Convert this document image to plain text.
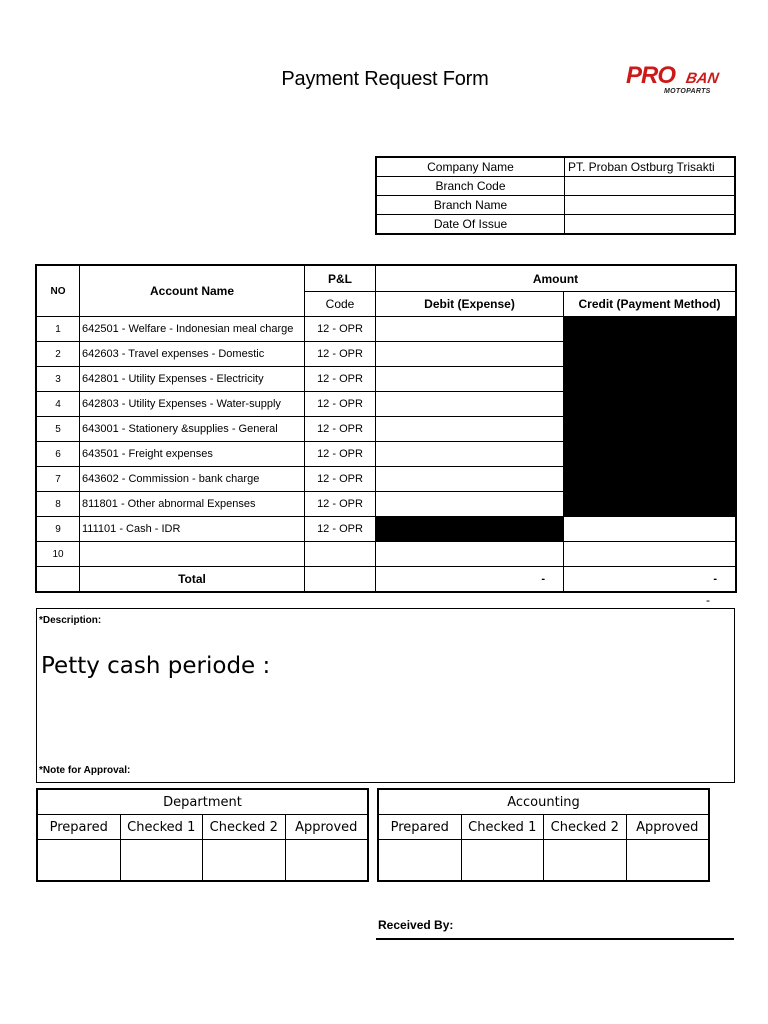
Payment Request Form	PRO BAN
MOTOPARTS
Company Name	PT. Proban Ostburg Trisakti
Branch Code	
Branch Name	
Date Of Issue	
NO	Account Name	P&L	Amount	
		Code	Debit (Expense)	Credit (Payment Method)
1	642501 - Welfare - Indonesian meal charge	12 - OPR		
2	642603 - Travel expenses - Domestic	12 - OPR		
3	642801 - Utility Expenses - Electricity	12 - OPR		
4	642803 - Utility Expenses - Water-supply	12 - OPR		
5	643001 - Stationery &supplies - General	12 - OPR		
6	643501 - Freight expenses	12 - OPR		
7	643602 - Commission - bank charge	12 - OPR		
8	811801 - Other abnormal Expenses	12 - OPR		
9	111101 - Cash - IDR	12 - OPR		
10				
	Total		-	-
-
*Description:
Petty cash periode :
*Note for Approval:
Department			
Prepared	Checked 1	Checked 2	Approved

Accounting			
Prepared	Checked 1	Checked 2	Approved

Received By:
